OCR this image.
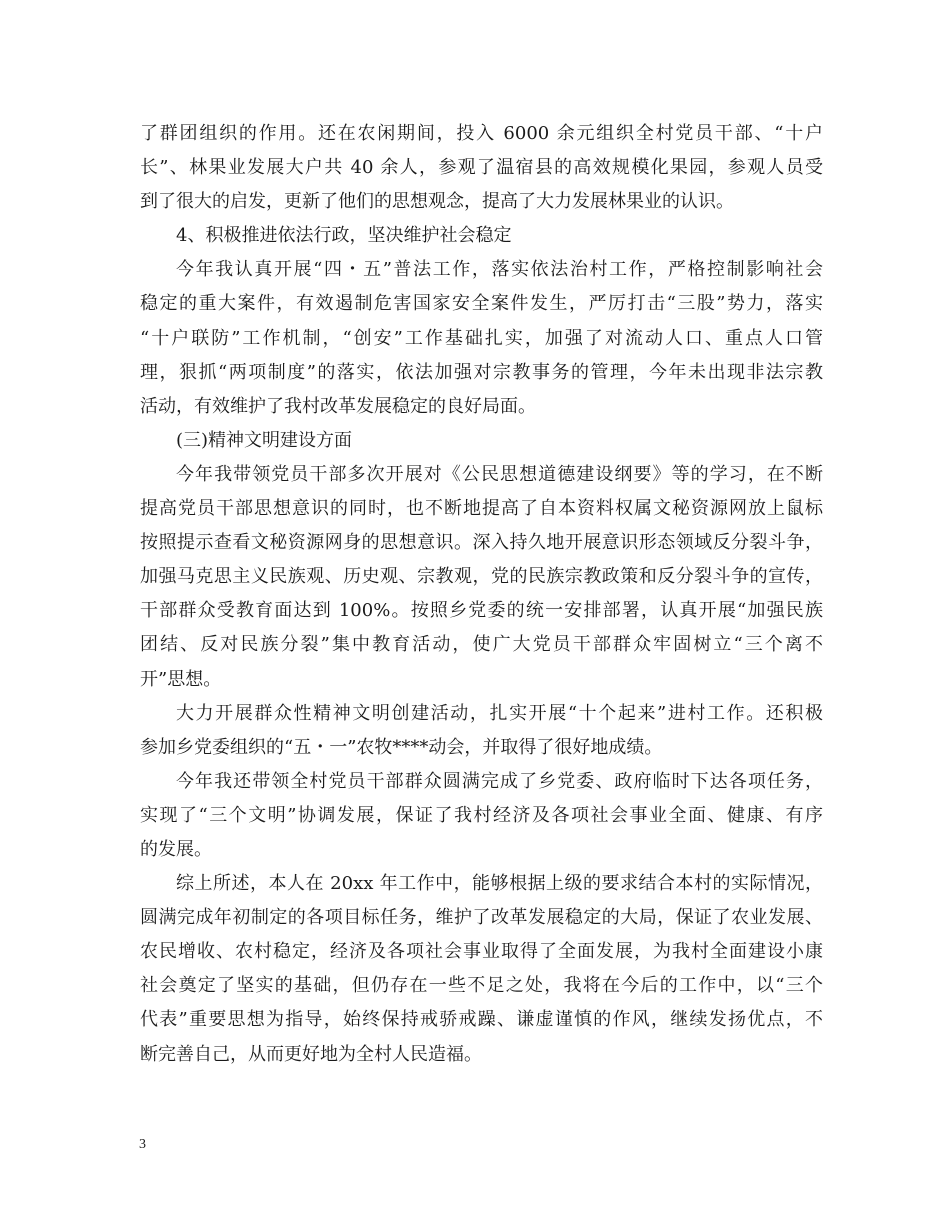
了群团组织的作用。还在农闲期间，投入 6000 余元组织全村党员干部、“十户
长”、林果业发展大户共 40 余人，参观了温宿县的高效规模化果园，参观人员受
到了很大的启发，更新了他们的思想观念，提高了大力发展林果业的认识。
4、积极推进依法行政，坚决维护社会稳定
今年我认真开展“四・五”普法工作，落实依法治村工作，严格控制影响社会
稳定的重大案件，有效遏制危害国家安全案件发生，严厉打击“三股”势力，落实
“十户联防”工作机制，“创安”工作基础扎实，加强了对流动人口、重点人口管
理，狠抓“两项制度”的落实，依法加强对宗教事务的管理，今年未出现非法宗教
活动，有效维护了我村改革发展稳定的良好局面。
(三)精神文明建设方面
今年我带领党员干部多次开展对《公民思想道德建设纲要》等的学习，在不断
提高党员干部思想意识的同时，也不断地提高了自本资料权属文秘资源网放上鼠标
按照提示查看文秘资源网身的思想意识。深入持久地开展意识形态领域反分裂斗争，
加强马克思主义民族观、历史观、宗教观，党的民族宗教政策和反分裂斗争的宣传，
干部群众受教育面达到 100%。按照乡党委的统一安排部署，认真开展“加强民族
团结、反对民族分裂”集中教育活动，使广大党员干部群众牢固树立“三个离不
开”思想。
大力开展群众性精神文明创建活动，扎实开展“十个起来”进村工作。还积极
参加乡党委组织的“五・一”农牧****动会，并取得了很好地成绩。
今年我还带领全村党员干部群众圆满完成了乡党委、政府临时下达各项任务，
实现了“三个文明”协调发展，保证了我村经济及各项社会事业全面、健康、有序
的发展。
综上所述，本人在 20xx 年工作中，能够根据上级的要求结合本村的实际情况，
圆满完成年初制定的各项目标任务，维护了改革发展稳定的大局，保证了农业发展、
农民增收、农村稳定，经济及各项社会事业取得了全面发展，为我村全面建设小康
社会奠定了坚实的基础，但仍存在一些不足之处，我将在今后的工作中，以“三个
代表”重要思想为指导，始终保持戒骄戒躁、谦虚谨慎的作风，继续发扬优点，不
断完善自己，从而更好地为全村人民造福。
3
